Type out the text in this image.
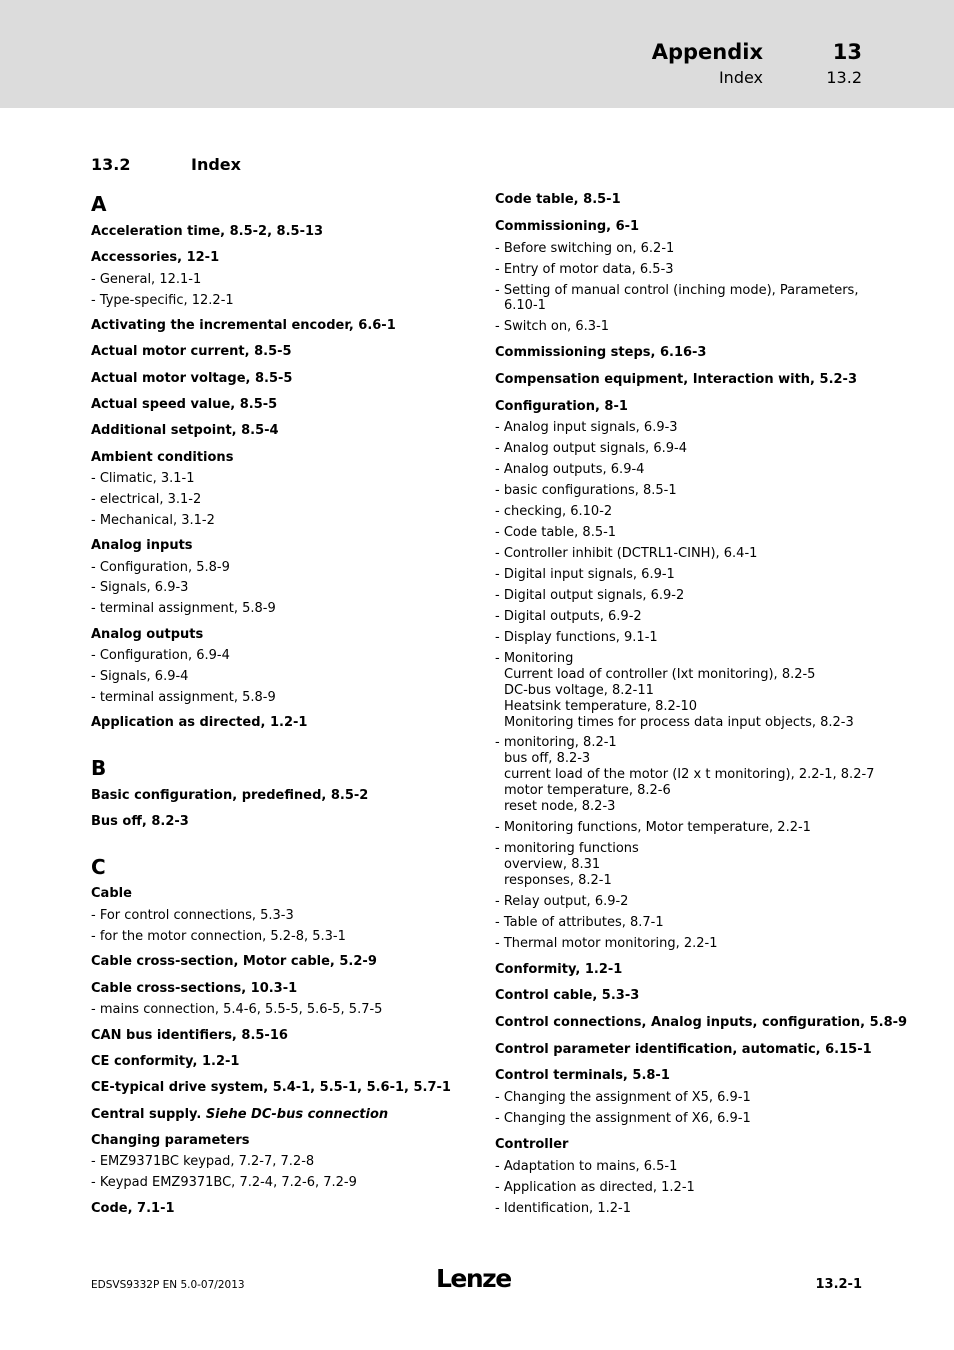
Appendix	13
Index	13.2
13.2	Index
A
Acceleration time, 8.5-2, 8.5-13
Accessories, 12-1
- General, 12.1-1
- Type-specific, 12.2-1
Activating the incremental encoder, 6.6-1
Actual motor current, 8.5-5
Actual motor voltage, 8.5-5
Actual speed value, 8.5-5
Additional setpoint, 8.5-4
Ambient conditions
- Climatic, 3.1-1
- electrical, 3.1-2
- Mechanical, 3.1-2
Analog inputs
- Configuration, 5.8-9
- Signals, 6.9-3
- terminal assignment, 5.8-9
Analog outputs
- Configuration, 6.9-4
- Signals, 6.9-4
- terminal assignment, 5.8-9
Application as directed, 1.2-1
B
Basic configuration, predefined, 8.5-2
Bus off, 8.2-3
C
Cable
- For control connections, 5.3-3
- for the motor connection, 5.2-8, 5.3-1
Cable cross-section, Motor cable, 5.2-9
Cable cross-sections, 10.3-1
- mains connection, 5.4-6, 5.5-5, 5.6-5, 5.7-5
CAN bus identifiers, 8.5-16
CE conformity, 1.2-1
CE-typical drive system, 5.4-1, 5.5-1, 5.6-1, 5.7-1
Central supply. Siehe DC-bus connection
Changing parameters
- EMZ9371BC keypad, 7.2-7, 7.2-8
- Keypad EMZ9371BC, 7.2-4, 7.2-6, 7.2-9
Code, 7.1-1
Code table, 8.5-1
Commissioning, 6-1
- Before switching on, 6.2-1
- Entry of motor data, 6.5-3
- Setting of manual control (inching mode), Parameters,
6.10-1
- Switch on, 6.3-1
Commissioning steps, 6.16-3
Compensation equipment, Interaction with, 5.2-3
Configuration, 8-1
- Analog input signals, 6.9-3
- Analog output signals, 6.9-4
- Analog outputs, 6.9-4
- basic configurations, 8.5-1
- checking, 6.10-2
- Code table, 8.5-1
- Controller inhibit (DCTRL1-CINH), 6.4-1
- Digital input signals, 6.9-1
- Digital output signals, 6.9-2
- Digital outputs, 6.9-2
- Display functions, 9.1-1
- Monitoring
Current load of controller (Ixt monitoring), 8.2-5
DC-bus voltage, 8.2-11
Heatsink temperature, 8.2-10
Monitoring times for process data input objects, 8.2-3
- monitoring, 8.2-1
bus off, 8.2-3
current load of the motor (I2 x t monitoring), 2.2-1, 8.2-7
motor temperature, 8.2-6
reset node, 8.2-3
- Monitoring functions, Motor temperature, 2.2-1
- monitoring functions
overview, 8.31
responses, 8.2-1
- Relay output, 6.9-2
- Table of attributes, 8.7-1
- Thermal motor monitoring, 2.2-1
Conformity, 1.2-1
Control cable, 5.3-3
Control connections, Analog inputs, configuration, 5.8-9
Control parameter identification, automatic, 6.15-1
Control terminals, 5.8-1
- Changing the assignment of X5, 6.9-1
- Changing the assignment of X6, 6.9-1
Controller
- Adaptation to mains, 6.5-1
- Application as directed, 1.2-1
- Identification, 1.2-1
EDSVS9332P EN 5.0-07/2013	Lenze	13.2-1
